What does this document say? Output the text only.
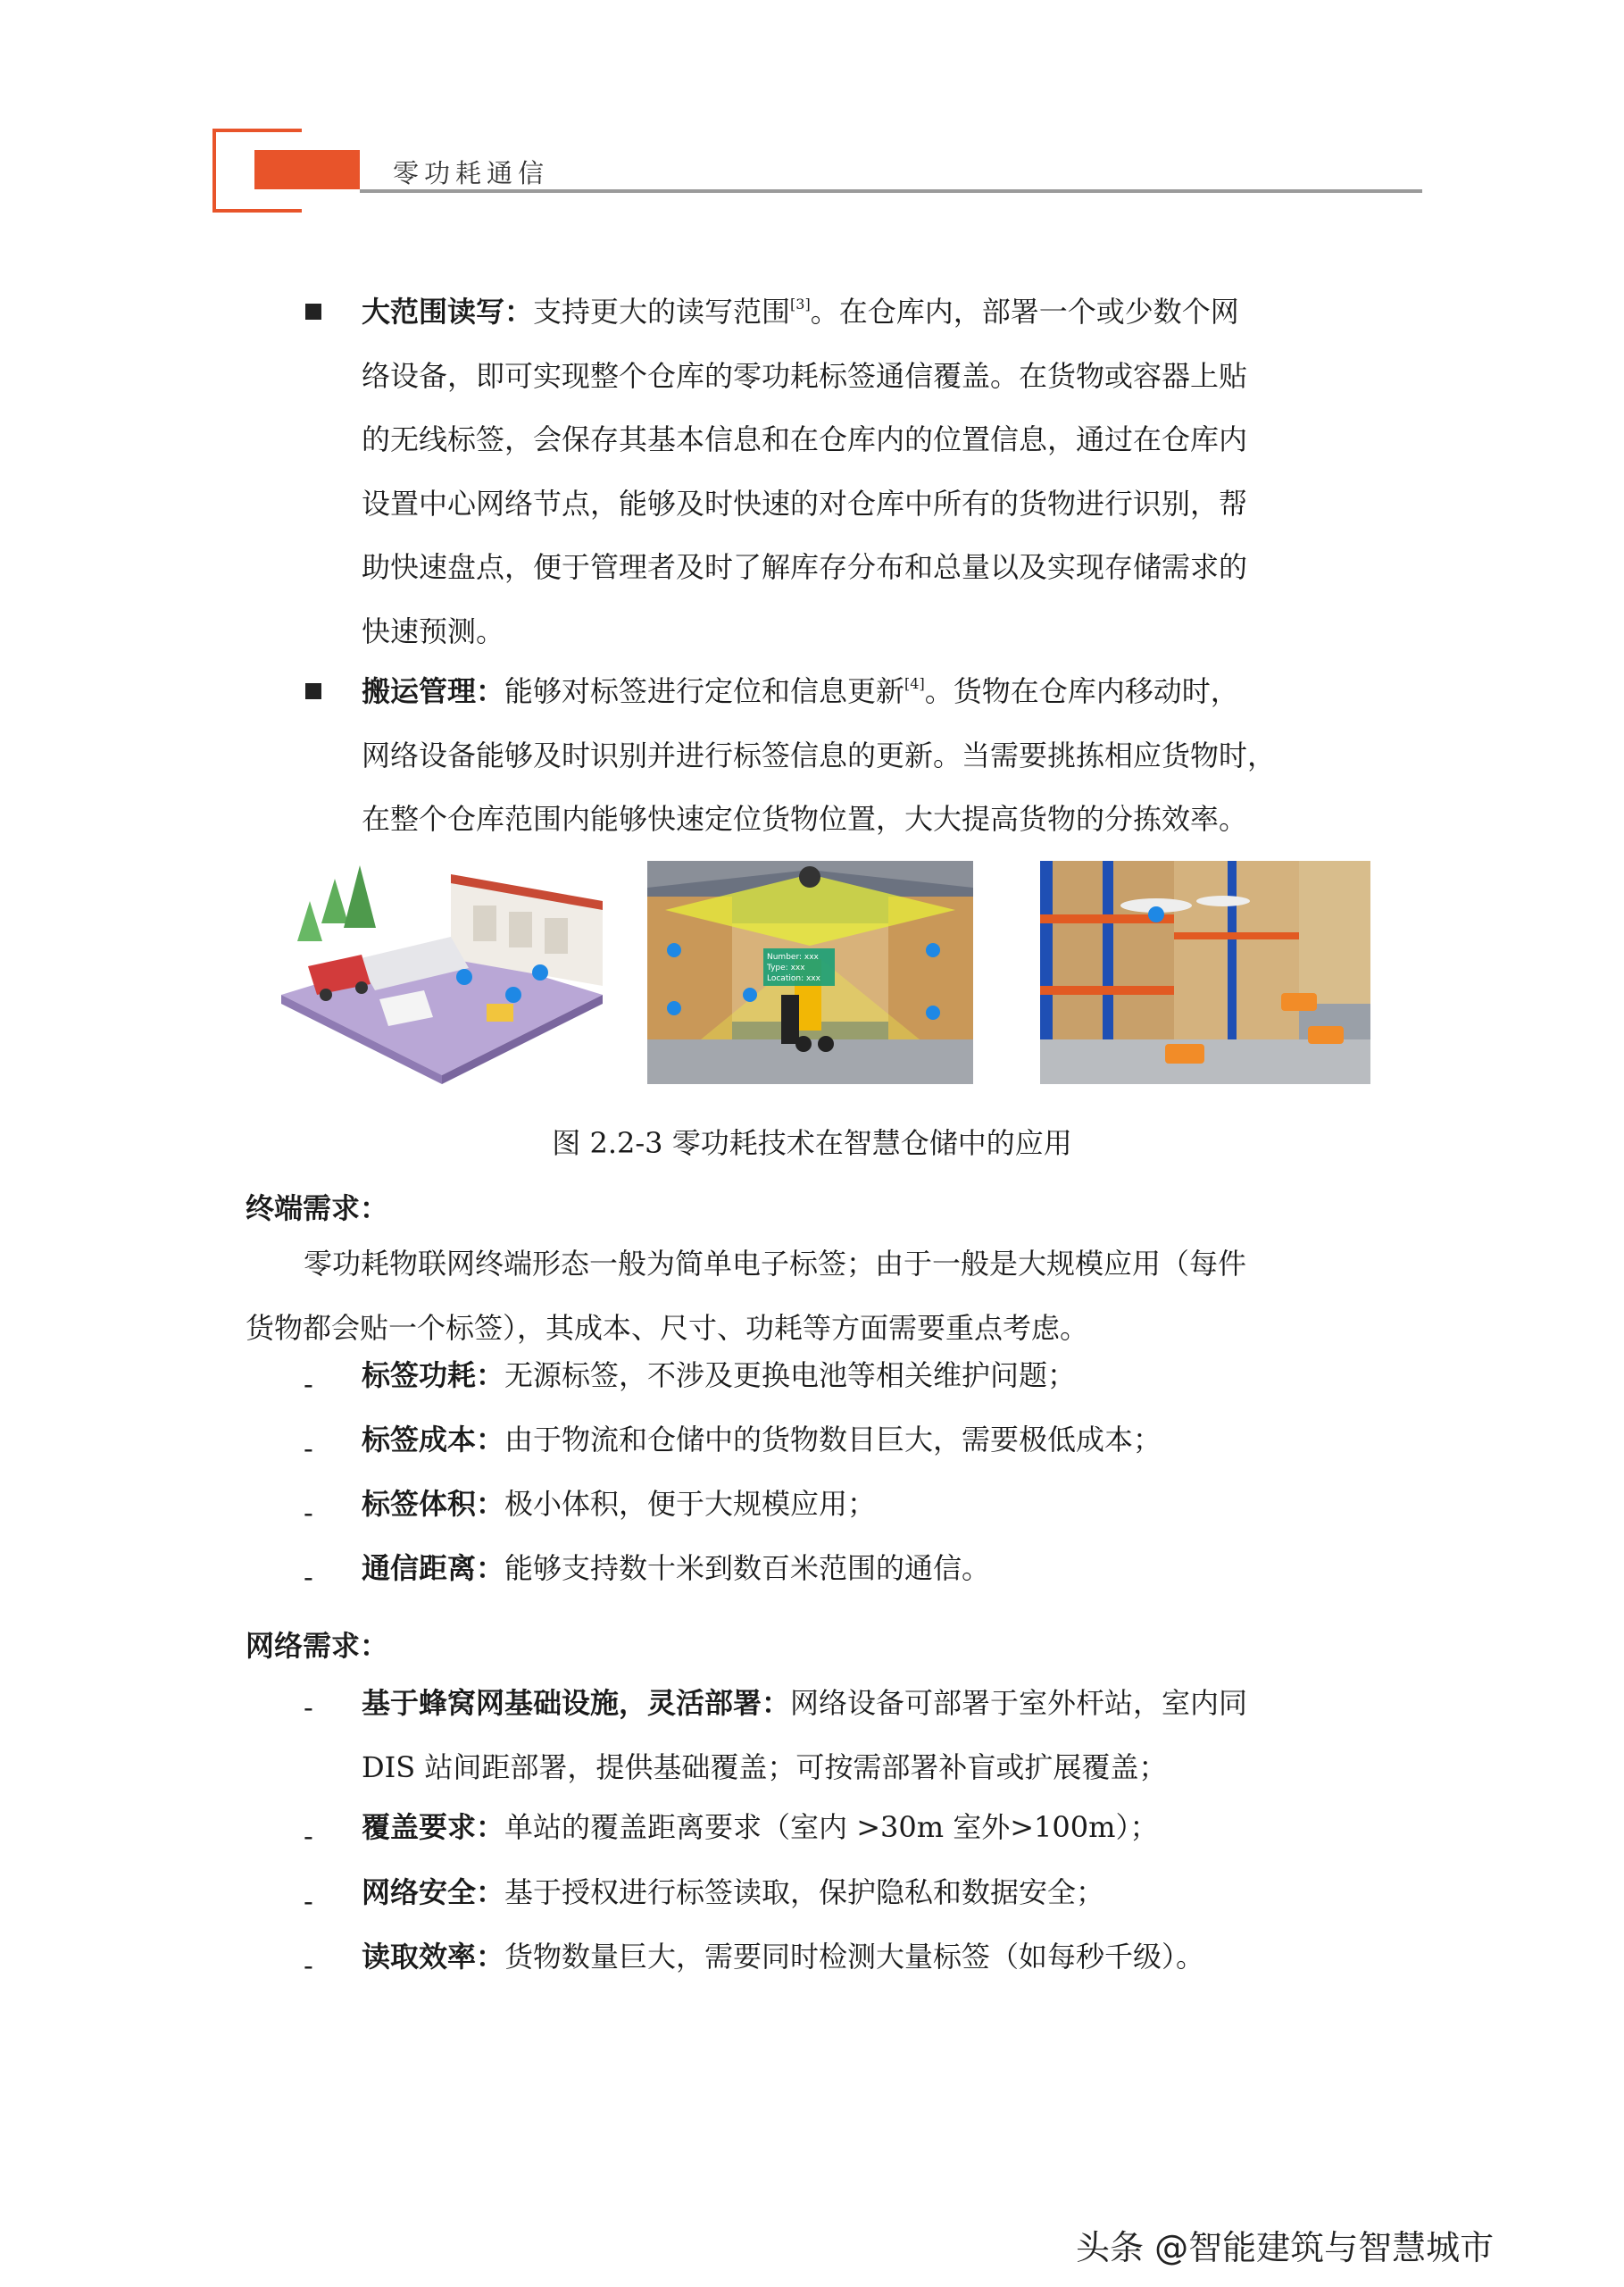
零功耗通信
大范围读写：支持更大的读写范围[3]。在仓库内，部署一个或少数个网
络设备，即可实现整个仓库的零功耗标签通信覆盖。在货物或容器上贴
的无线标签，会保存其基本信息和在仓库内的位置信息，通过在仓库内
设置中心网络节点，能够及时快速的对仓库中所有的货物进行识别，帮
助快速盘点，便于管理者及时了解库存分布和总量以及实现存储需求的
快速预测。
搬运管理：能够对标签进行定位和信息更新[4]。货物在仓库内移动时，
网络设备能够及时识别并进行标签信息的更新。当需要挑拣相应货物时，
在整个仓库范围内能够快速定位货物位置，大大提高货物的分拣效率。
Number: xxx
Type: xxx
Location: xxx
图 2.2-3 零功耗技术在智慧仓储中的应用
终端需求：
零功耗物联网终端形态一般为简单电子标签；由于一般是大规模应用（每件
货物都会贴一个标签），其成本、尺寸、功耗等方面需要重点考虑。
- 标签功耗：无源标签，不涉及更换电池等相关维护问题；
- 标签成本：由于物流和仓储中的货物数目巨大，需要极低成本；
- 标签体积：极小体积，便于大规模应用；
- 通信距离：能够支持数十米到数百米范围的通信。
网络需求：
- 基于蜂窝网基础设施，灵活部署：网络设备可部署于室外杆站，室内同
DIS 站间距部署，提供基础覆盖；可按需部署补盲或扩展覆盖；
- 覆盖要求：单站的覆盖距离要求（室内 >30m 室外>100m）；
- 网络安全：基于授权进行标签读取，保护隐私和数据安全；
- 读取效率：货物数量巨大，需要同时检测大量标签（如每秒千级）。
头条 @智能建筑与智慧城市
